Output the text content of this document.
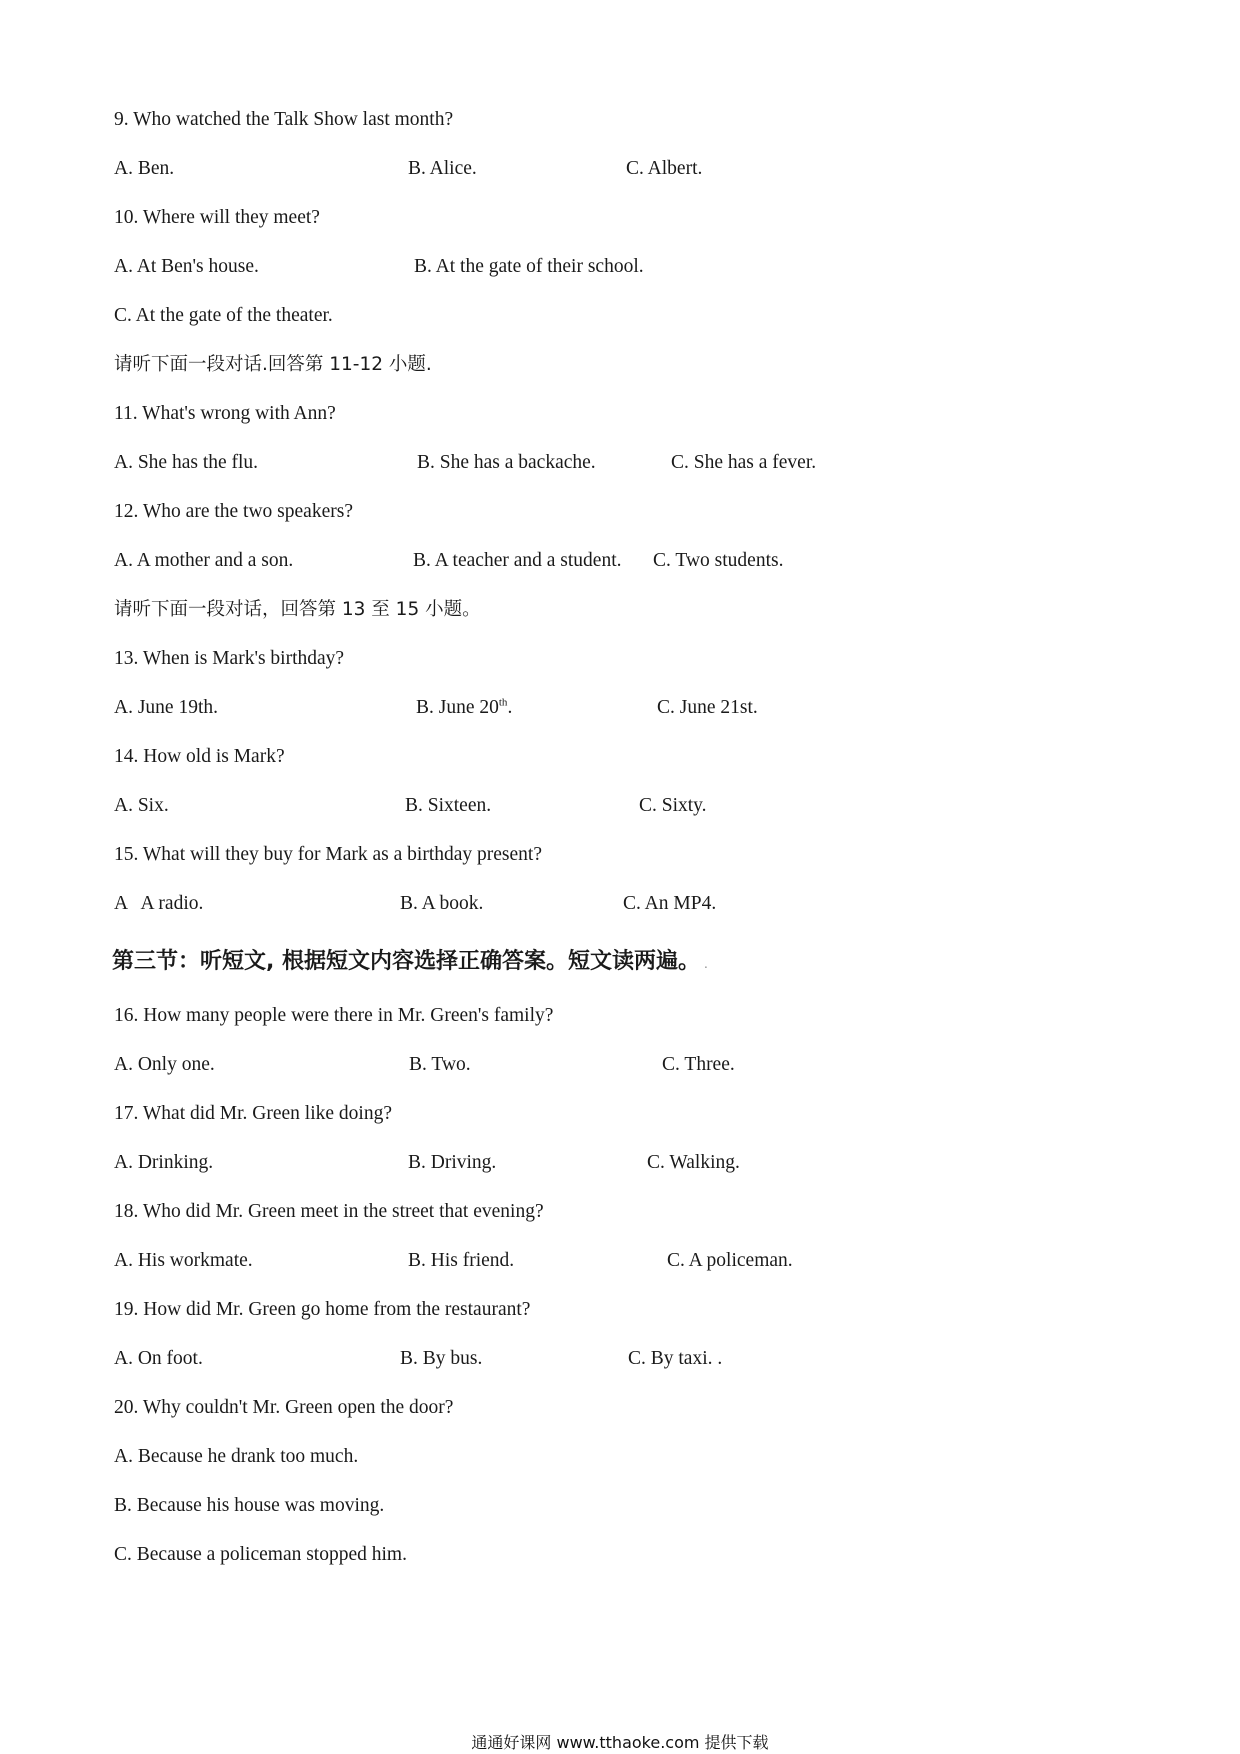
9. Who watched the Talk Show last month?
A. Ben.	B. Alice.	C. Albert.
10. Where will they meet?
A. At Ben's house.	B. At the gate of their school.
C. At the gate of the theater.
请听下面一段对话.回答第 11-12 小题.
11. What's wrong with Ann?
A. She has the flu.	B. She has a backache.	C. She has a fever.
12. Who are the two speakers?
A. A mother and a son.	B. A teacher and a student. C. Two students.
请听下面一段对话，回答第 13 至 15 小题。
13. When is Mark's birthday?
A. June 19th.	B. June 20th.	C. June 21st.
14. How old is Mark?
A. Six.	B. Sixteen.	C. Sixty.
15. What will they buy for Mark as a birthday present?
A   A radio.	B. A book.	C. An MP4.
第三节：听短文, 根据短文内容选择正确答案。短文读两遍。 .
16. How many people were there in Mr. Green's family?
A. Only one.	B. Two.	C. Three.
17. What did Mr. Green like doing?
A. Drinking.	B. Driving.	C. Walking.
18. Who did Mr. Green meet in the street that evening?
A. His workmate.	B. His friend.	C. A policeman.
19. How did Mr. Green go home from the restaurant?
A. On foot.	B. By bus.	C. By taxi. .
20. Why couldn't Mr. Green open the door?
A. Because he drank too much.
B. Because his house was moving.
C. Because a policeman stopped him.
通通好课网 www.tthaoke.com 提供下载
